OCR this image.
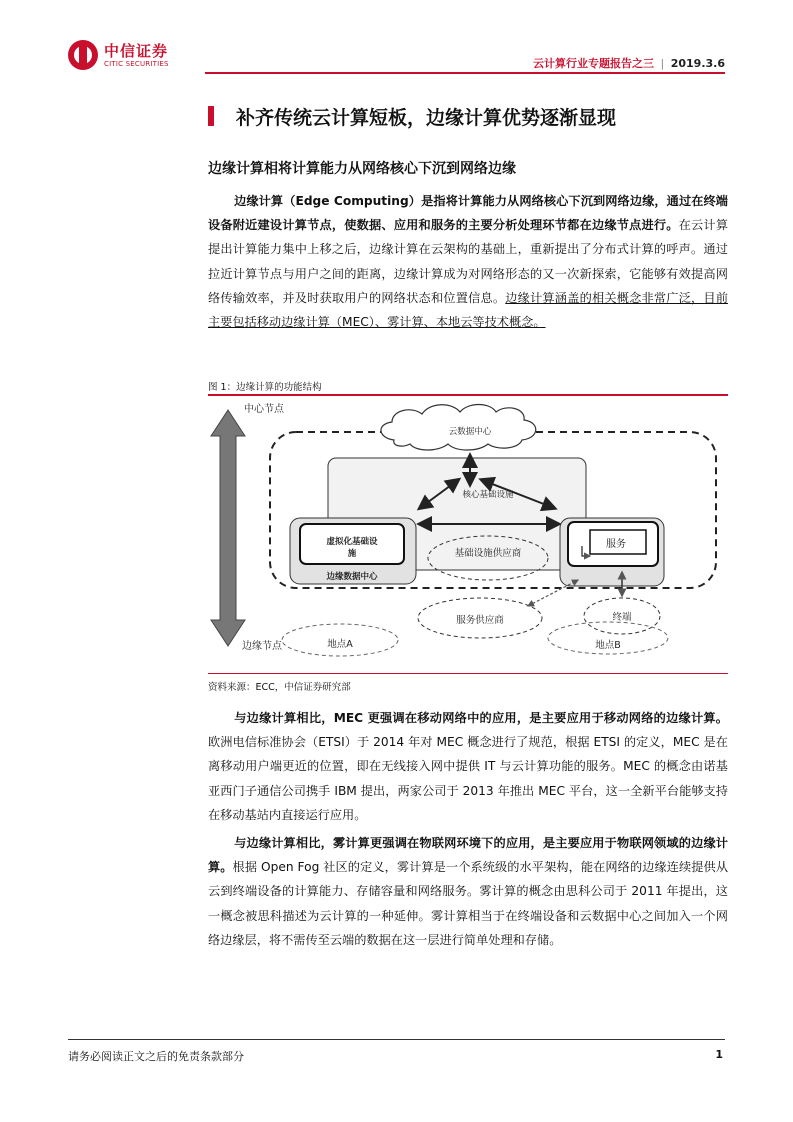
中信证券
CITIC SECURITIES	云计算行业专题报告之三 | 2019.3.6
补齐传统云计算短板，边缘计算优势逐渐显现
边缘计算相将计算能力从网络核心下沉到网络边缘
边缘计算（Edge Computing）是指将计算能力从网络核心下沉到网络边缘，通过在终端设备附近建设计算节点，使数据、应用和服务的主要分析处理环节都在边缘节点进行。在云计算提出计算能力集中上移之后，边缘计算在云架构的基础上，重新提出了分布式计算的呼声。通过拉近计算节点与用户之间的距离，边缘计算成为对网络形态的又一次新探索，它能够有效提高网络传输效率，并及时获取用户的网络状态和位置信息。边缘计算涵盖的相关概念非常广泛，目前主要包括移动边缘计算（MEC）、雾计算、本地云等技术概念。
图 1：边缘计算的功能结构
云数据中心
中心节点
边缘节点
核心基础设施
虚拟化基础设
施
边缘数据中心
基础设施供应商
服务
服务供应商	终端
地点A	地点B
资料来源：ECC，中信证券研究部
与边缘计算相比，MEC 更强调在移动网络中的应用，是主要应用于移动网络的边缘计算。欧洲电信标准协会（ETSI）于 2014 年对 MEC 概念进行了规范，根据 ETSI 的定义，MEC 是在离移动用户端更近的位置，即在无线接入网中提供 IT 与云计算功能的服务。MEC 的概念由诺基亚西门子通信公司携手 IBM 提出，两家公司于 2013 年推出 MEC 平台，这一全新平台能够支持在移动基站内直接运行应用。
与边缘计算相比，雾计算更强调在物联网环境下的应用，是主要应用于物联网领域的边缘计算。根据 Open Fog 社区的定义，雾计算是一个系统级的水平架构，能在网络的边缘连续提供从云到终端设备的计算能力、存储容量和网络服务。雾计算的概念由思科公司于 2011 年提出，这一概念被思科描述为云计算的一种延伸。雾计算相当于在终端设备和云数据中心之间加入一个网络边缘层，将不需传至云端的数据在这一层进行简单处理和存储。
请务必阅读正文之后的免责条款部分	1
